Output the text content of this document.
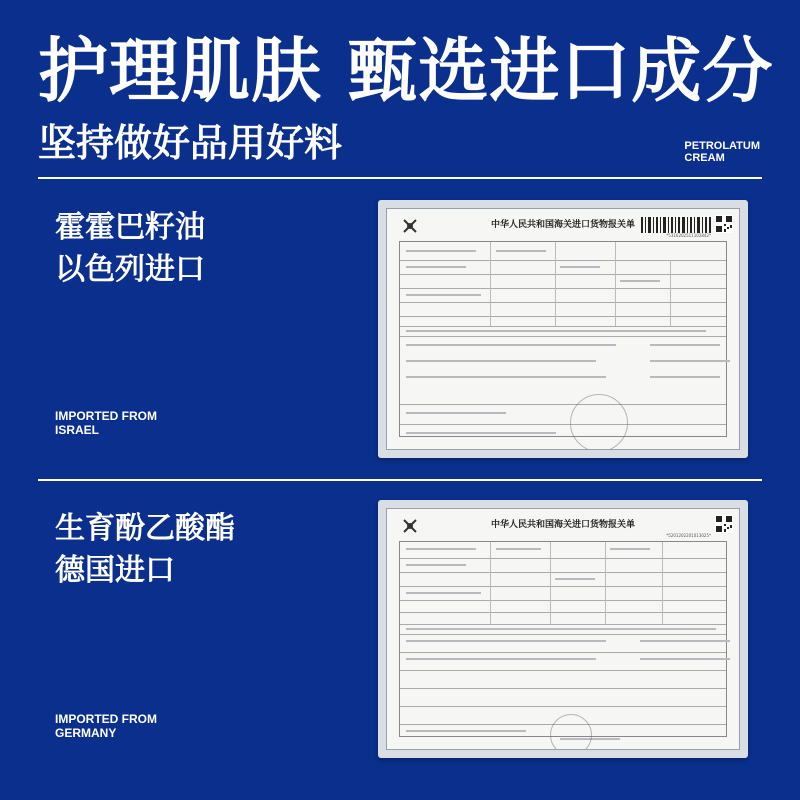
护理肌肤 甄选进口成分
坚持做好品用好料	PETROLATUM
CREAM
霍霍巴籽油
以色列进口
IMPORTED FROM
ISRAEL
中华人民共和国海关进口货物报关单
*5316202511102842*
生育酚乙酸酯
德国进口
IMPORTED FROM
GERMANY
中华人民共和国海关进口货物报关单
*5201202201013025*
